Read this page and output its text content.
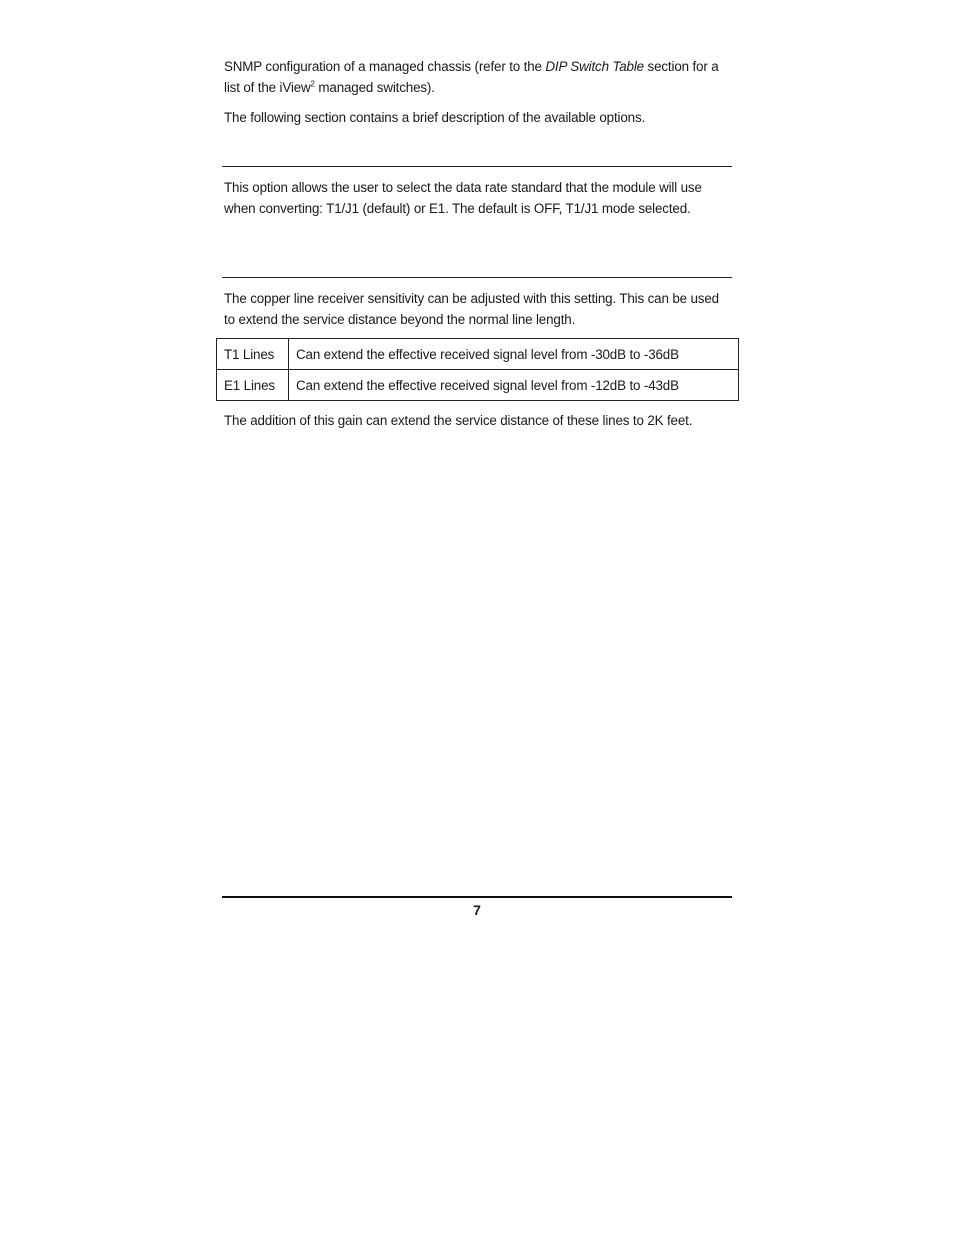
SNMP configuration of a managed chassis (refer to the DIP Switch Table section for a list of the iView$^2$ managed switches).

The following section contains a brief description of the available options.

This option allows the user to select the data rate standard that the module will use when converting: T1/J1 (default) or E1. The default is OFF, T1/J1 mode selected.

The copper line receiver sensitivity can be adjusted with this setting. This can be used to extend the service distance beyond the normal line length.

T1 Lines	Can extend the effective received signal level from -30dB to -36dB
E1 Lines	Can extend the effective received signal level from -12dB to -43dB

The addition of this gain can extend the service distance of these lines to 2K feet.

7
